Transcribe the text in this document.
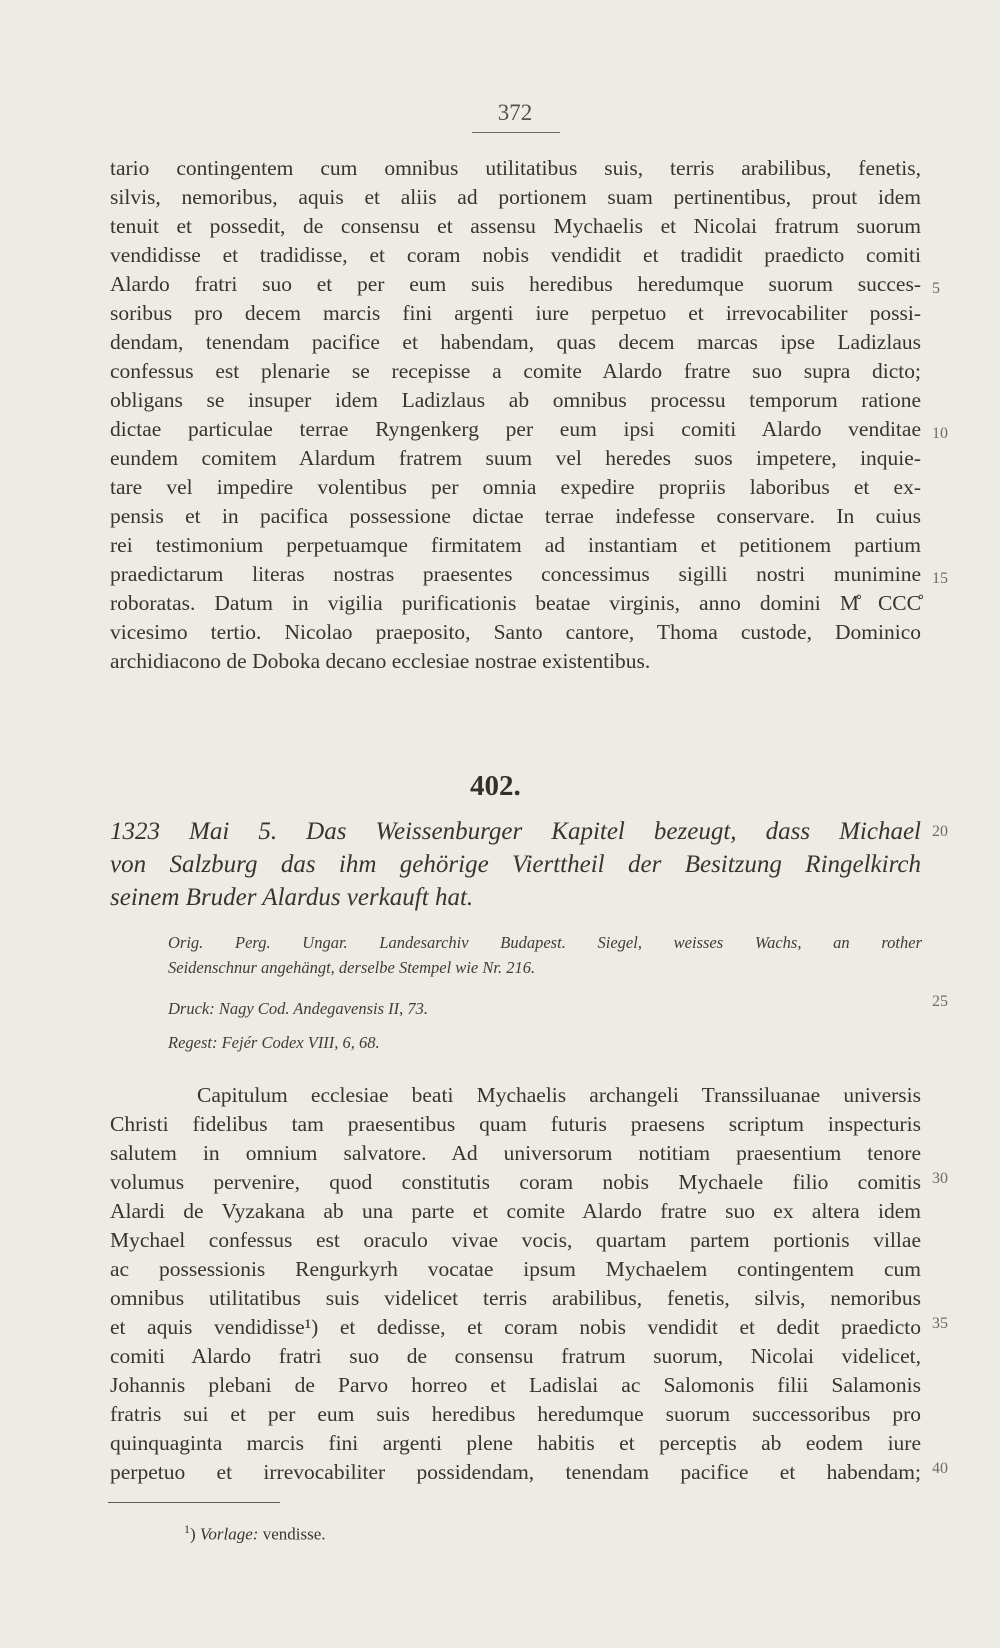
372
tario contingentem cum omnibus utilitatibus suis, terris arabilibus, fenetis,
silvis, nemoribus, aquis et aliis ad portionem suam pertinentibus, prout idem
tenuit et possedit, de consensu et assensu Mychaelis et Nicolai fratrum suorum
vendidisse et tradidisse, et coram nobis vendidit et tradidit praedicto comiti
Alardo fratri suo et per eum suis heredibus heredumque suorum succes-
soribus pro decem marcis fini argenti iure perpetuo et irrevocabiliter possi-
dendam, tenendam pacifice et habendam, quas decem marcas ipse Ladizlaus
confessus est plenarie se recepisse a comite Alardo fratre suo supra dicto;
obligans se insuper idem Ladizlaus ab omnibus processu temporum ratione
dictae particulae terrae Ryngenkerg per eum ipsi comiti Alardo venditae
eundem comitem Alardum fratrem suum vel heredes suos impetere, inquie-
tare vel impedire volentibus per omnia expedire propriis laboribus et ex-
pensis et in pacifica possessione dictae terrae indefesse conservare. In cuius
rei testimonium perpetuamque firmitatem ad instantiam et petitionem partium
praedictarum literas nostras praesentes concessimus sigilli nostri munimine
roboratas. Datum in vigilia purificationis beatae virginis, anno domini M̊ CCC̊
vicesimo tertio. Nicolao praeposito, Santo cantore, Thoma custode, Dominico
archidiacono de Doboka decano ecclesiae nostrae existentibus.
402.
1323 Mai 5. Das Weissenburger Kapitel bezeugt, dass Michael
von Salzburg das ihm gehörige Vierttheil der Besitzung Ringelkirch
seinem Bruder Alardus verkauft hat.
Orig. Perg. Ungar. Landesarchiv Budapest. Siegel, weisses Wachs, an rother
Seidenschnur angehängt, derselbe Stempel wie Nr. 216.
Druck: Nagy Cod. Andegavensis II, 73.
Regest: Fejér Codex VIII, 6, 68.
Capitulum ecclesiae beati Mychaelis archangeli Transsiluanae universis
Christi fidelibus tam praesentibus quam futuris praesens scriptum inspecturis
salutem in omnium salvatore. Ad universorum notitiam praesentium tenore
volumus pervenire, quod constitutis coram nobis Mychaele filio comitis
Alardi de Vyzakana ab una parte et comite Alardo fratre suo ex altera idem
Mychael confessus est oraculo vivae vocis, quartam partem portionis villae
ac possessionis Rengurkyrh vocatae ipsum Mychaelem contingentem cum
omnibus utilitatibus suis videlicet terris arabilibus, fenetis, silvis, nemoribus
et aquis vendidisse¹) et dedisse, et coram nobis vendidit et dedit praedicto
comiti Alardo fratri suo de consensu fratrum suorum, Nicolai videlicet,
Johannis plebani de Parvo horreo et Ladislai ac Salomonis filii Salamonis
fratris sui et per eum suis heredibus heredumque suorum successoribus pro
quinquaginta marcis fini argenti plene habitis et perceptis ab eodem iure
perpetuo et irrevocabiliter possidendam, tenendam pacifice et habendam;
5
10
15
20
25
30
35
40
$^1$) Vorlage: vendisse.
